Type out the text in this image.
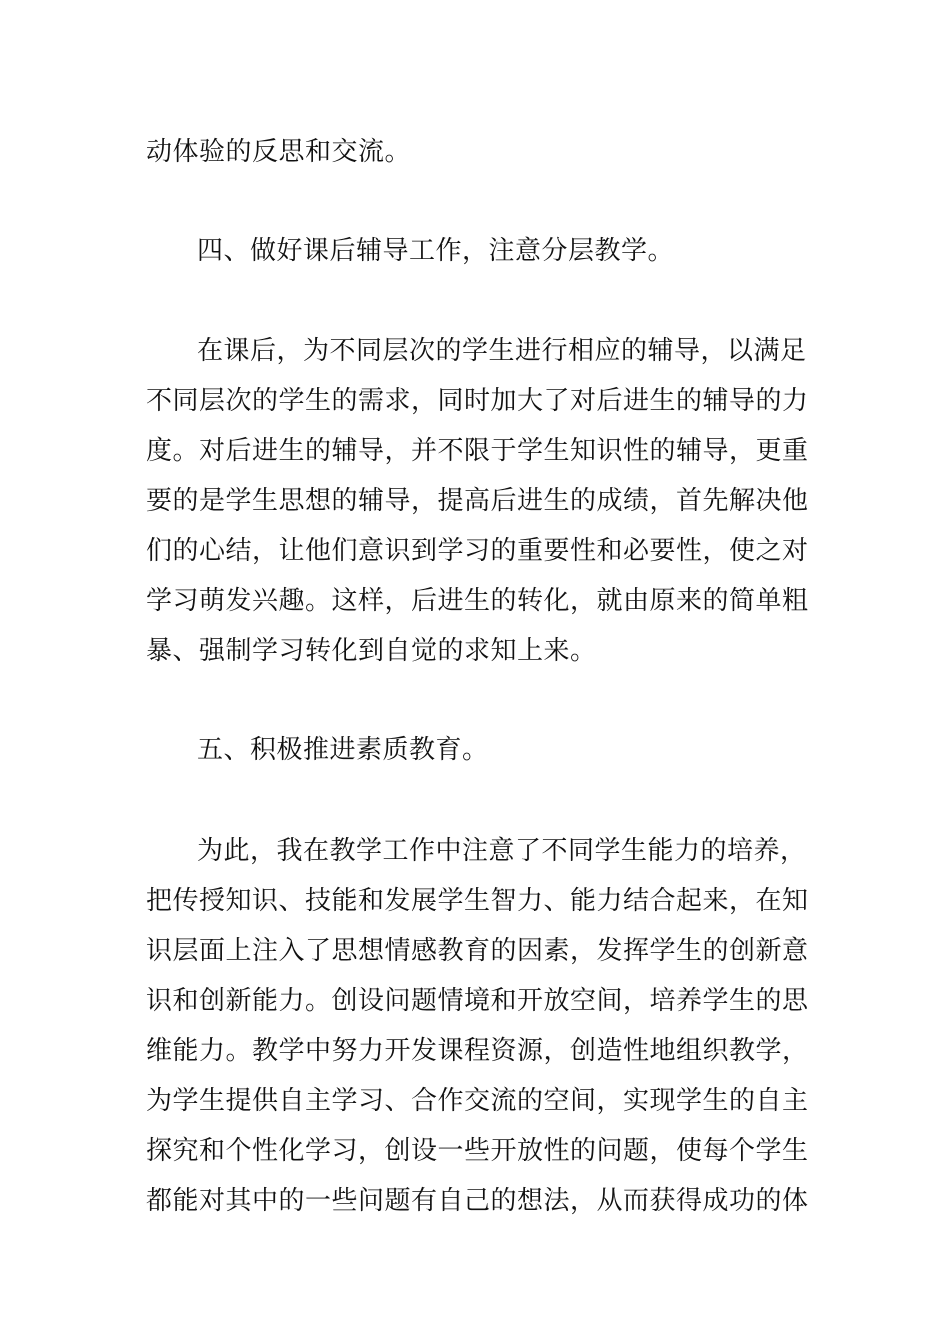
动体验的反思和交流。
四、做好课后辅导工作，注意分层教学。
在课后，为不同层次的学生进行相应的辅导，以满足
不同层次的学生的需求，同时加大了对后进生的辅导的力
度。对后进生的辅导，并不限于学生知识性的辅导，更重
要的是学生思想的辅导，提高后进生的成绩，首先解决他
们的心结，让他们意识到学习的重要性和必要性，使之对
学习萌发兴趣。这样，后进生的转化，就由原来的简单粗
暴、强制学习转化到自觉的求知上来。
五、积极推进素质教育。
为此，我在教学工作中注意了不同学生能力的培养，
把传授知识、技能和发展学生智力、能力结合起来，在知
识层面上注入了思想情感教育的因素，发挥学生的创新意
识和创新能力。创设问题情境和开放空间，培养学生的思
维能力。教学中努力开发课程资源，创造性地组织教学，
为学生提供自主学习、合作交流的空间，实现学生的自主
探究和个性化学习，创设一些开放性的问题，使每个学生
都能对其中的一些问题有自己的想法，从而获得成功的体
